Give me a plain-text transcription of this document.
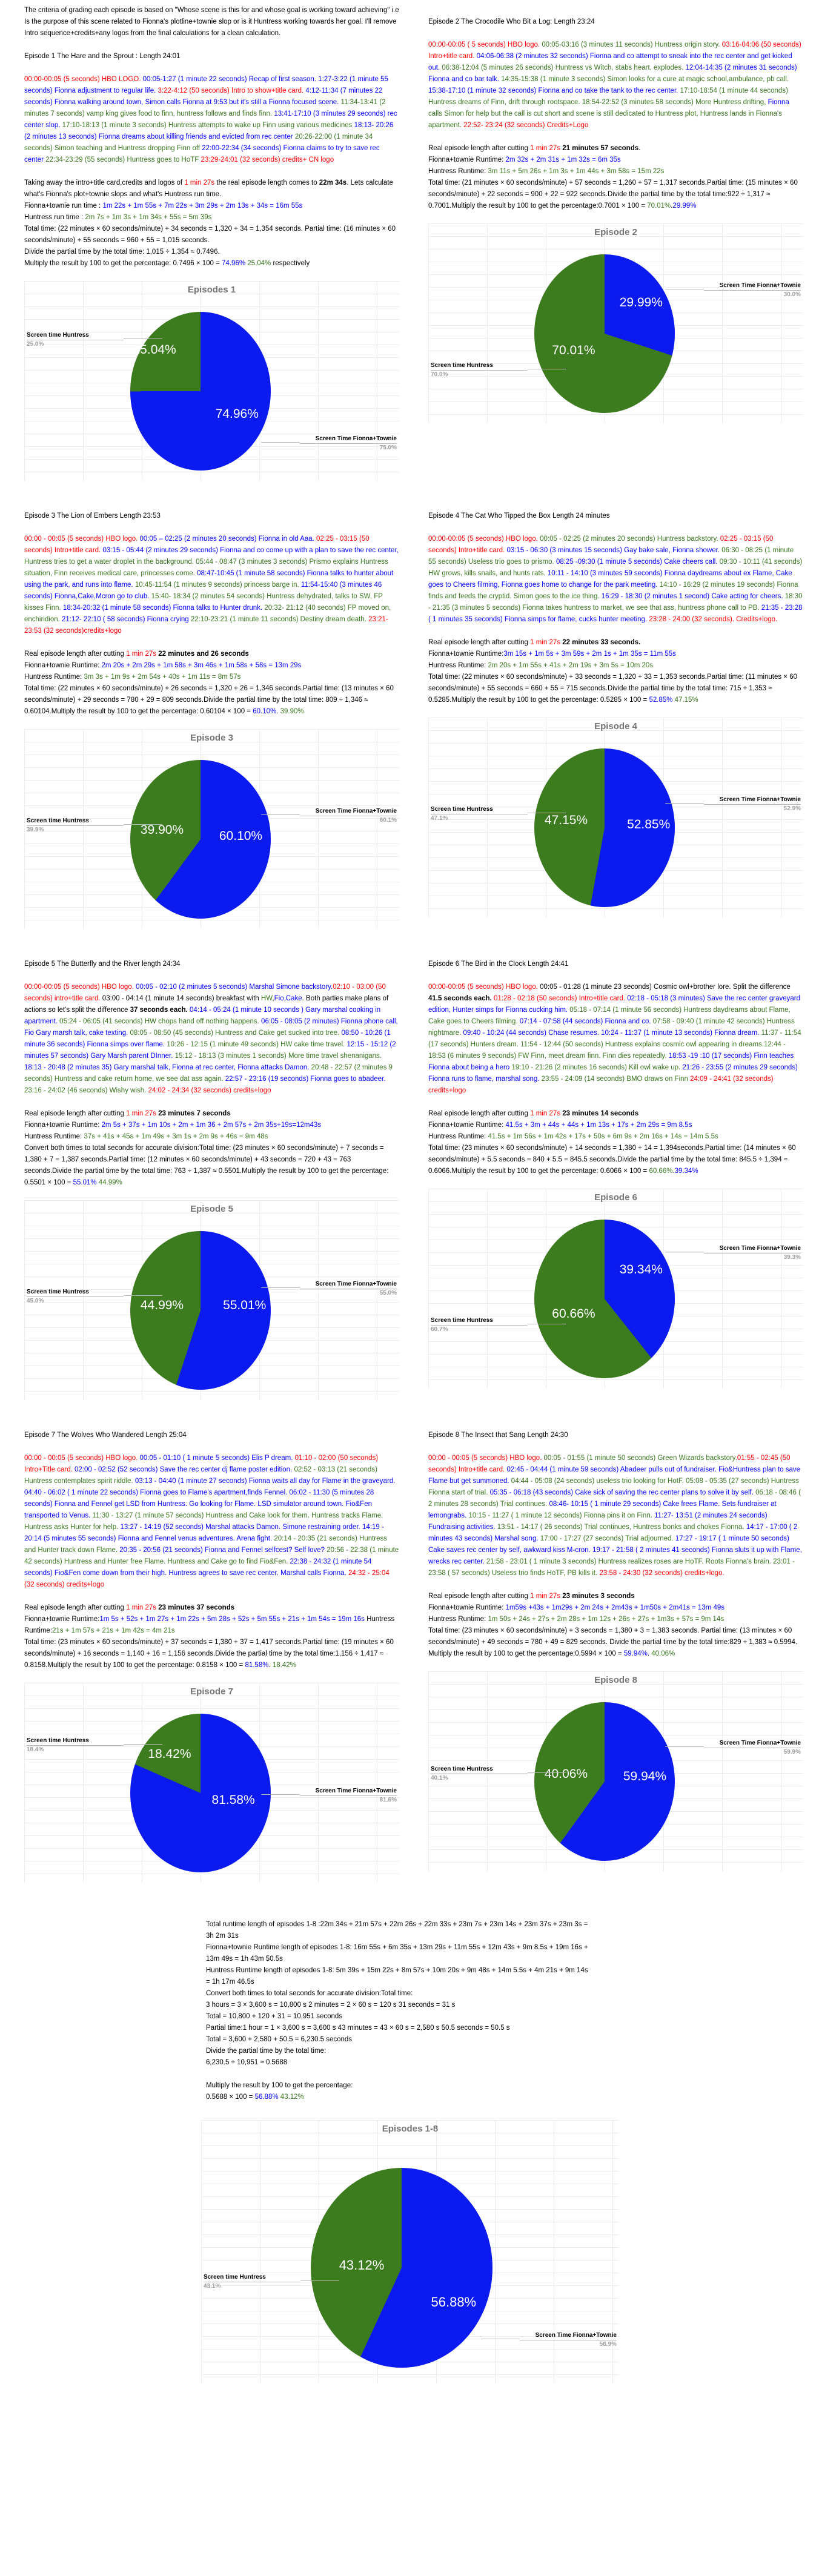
The criteria of grading each episode is based on "Whose scene is this for and whose goal is working toward achieving" i.e Is the purpose of this scene related to Fionna's plotline+townie slop or is it Huntress working towards her goal. I'll remove Intro sequence+credits+any logos from the final calculations for a clean calculation.

Episode 1 The Hare and the Sprout : Length 24:01

00:00-00:05 (5 seconds) HBO LOGO. 00:05-1:27 (1 minute 22 seconds) Recap of first season. 1:27-3:22 (1 minute 55 seconds) Fionna adjustment to regular life. 3:22-4:12 (50 seconds) Intro to show+title card. 4:12-11:34 (7 minutes 22 seconds) Fionna walking around town, Simon calls Fionna at 9:53 but it's still a Fionna focused scene. 11:34-13:41 (2 minutes 7 seconds) vamp king gives food to finn, huntress follows and finds finn. 13:41-17:10 (3 minutes 29 seconds) rec center slop. 17:10-18:13 (1 minute 3 seconds) Huntress attempts to wake up Finn using various medicines 18:13- 20:26 (2 minutes 13 seconds) Fionna dreams about killing friends and evicted from rec center 20:26-22:00 (1 minute 34 seconds) Simon teaching and Huntress dropping Finn off 22:00-22:34 (34 seconds) Fionna claims to try to save rec center 22:34-23:29 (55 seconds) Huntress goes to HoTF 23:29-24:01 (32 seconds) credits+ CN logo

Taking away the intro+title card,credits and logos of 1 min 27s the real episode length comes to 22m 34s. Lets calculate what's Fionna's plot+townie slops and what's Huntress run time.
Fionna+townie run time : 1m 22s + 1m 55s + 7m 22s + 3m 29s + 2m 13s + 34s = 16m 55s
Huntress run time : 2m 7s + 1m 3s + 1m 34s + 55s = 5m 39s
Total time: (22 minutes × 60 seconds/minute) + 34 seconds = 1,320 + 34 = 1,354 seconds. Partial time: (16 minutes × 60 seconds/minute) + 55 seconds = 960 + 55 = 1,015 seconds.
Divide the partial time by the total time: 1,015 ÷ 1,354 ≈ 0.7496.
Multiply the result by 100 to get the percentage: 0.7496 × 100 = 74.96% 25.04% respectively
Episodes 1
25.04%
74.96%
Screen time Huntress
25.0%
Screen Time Fionna+Townie
75.0%

Episode 2 The Crocodile Who Bit a Log: Length 23:24

00:00-00:05 ( 5 seconds) HBO logo. 00:05-03:16 (3 minutes 11 seconds) Huntress origin story. 03:16-04:06 (50 seconds) Intro+title card. 04:06-06:38 (2 minutes 32 seconds) Fionna and co attempt to sneak into the rec center and get kicked out. 06:38-12:04 (5 minutes 26 seconds) Huntress vs Witch, stabs heart, explodes. 12:04-14:35 (2 minutes 31 seconds) Fionna and co bar talk. 14:35-15:38 (1 minute 3 seconds) Simon looks for a cure at magic school,ambulance, pb call. 15:38-17:10 (1 minute 32 seconds) Fionna and co take the tank to the rec center. 17:10-18:54 (1 minute 44 seconds) Huntress dreams of Finn, drift through rootspace. 18:54-22:52 (3 minutes 58 seconds) More Huntress drifting, Fionna calls Simon for help but the call is cut short and scene is still dedicated to Huntress plot, Huntress lands in Fionna's apartment. 22:52- 23:24 (32 seconds) Credits+Logo

Real episode length after cutting 1 min 27s 21 minutes 57 seconds.
Fionna+townie Runtime: 2m 32s + 2m 31s + 1m 32s = 6m 35s
Huntress Runtime: 3m 11s + 5m 26s + 1m 3s + 1m 44s + 3m 58s = 15m 22s
Total time: (21 minutes × 60 seconds/minute) + 57 seconds = 1,260 + 57 = 1,317 seconds.Partial time: (15 minutes × 60 seconds/minute) + 22 seconds = 900 + 22 = 922 seconds.Divide the partial time by the total time:922 ÷ 1,317 ≈ 0.7001.Multiply the result by 100 to get the percentage:0.7001 × 100 = 70.01%.29.99%
Episode 2
29.99%
70.01%
Screen Time Fionna+Townie
30.0%
Screen time Huntress
70.0%

Episode 3 The Lion of Embers Length 23:53

00:00 - 00:05 (5 seconds) HBO logo. 00:05 – 02:25 (2 minutes 20 seconds) Fionna in old Aaa. 02:25 - 03:15 (50 seconds) Intro+title card. 03:15 - 05:44 (2 minutes 29 seconds) Fionna and co come up with a plan to save the rec center, Huntress tries to get a water droplet in the background. 05:44 - 08:47 (3 minutes 3 seconds) Prismo explains Huntress situation, Finn receives medical care, princesses come. 08:47-10:45 (1 minute 58 seconds) Fionna talks to hunter about using the park, and runs into flame. 10:45-11:54 (1 minutes 9 seconds) princess barge in. 11:54-15:40 (3 minutes 46 seconds) Fionna,Cake,Mcron go to club. 15:40- 18:34 (2 minutes 54 seconds) Huntress dehydrated, talks to SW, FP kisses Finn. 18:34-20:32 (1 minute 58 seconds) Fionna talks to Hunter drunk. 20:32- 21:12 (40 seconds) FP moved on, enchiridion. 21:12- 22:10 ( 58 seconds) Fionna crying 22:10-23:21 (1 minute 11 seconds) Destiny dream death. 23:21-23:53 (32 seconds)credits+logo

Real episode length after cutting 1 min 27s 22 minutes and 26 seconds
Fionna+townie Runtime: 2m 20s + 2m 29s + 1m 58s + 3m 46s + 1m 58s + 58s = 13m 29s
Huntress Runtime: 3m 3s + 1m 9s + 2m 54s + 40s + 1m 11s = 8m 57s
Total time: (22 minutes × 60 seconds/minute) + 26 seconds = 1,320 + 26 = 1,346 seconds.Partial time: (13 minutes × 60 seconds/minute) + 29 seconds = 780 + 29 = 809 seconds.Divide the partial time by the total time: 809 ÷ 1,346 ≈ 0.60104.Multiply the result by 100 to get the percentage: 0.60104 × 100 = 60.10%. 39.90%
Episode 3
39.90%	60.10%
Screen time Huntress
39.9%
Screen Time Fionna+Townie
60.1%

Episode 4 The Cat Who Tipped the Box Length 24 minutes

00:00-00:05 (5 seconds) HBO logo. 00:05 - 02:25 (2 minutes 20 seconds) Huntress backstory. 02:25 - 03:15 (50 seconds) Intro+title card. 03:15 - 06:30 (3 minutes 15 seconds) Gay bake sale, Fionna shower. 06:30 - 08:25 (1 minute 55 seconds) Useless trio goes to prismo. 08:25 -09:30 (1 minute 5 seconds) Cake cheers call. 09:30 - 10:11 (41 seconds) HW grows, kills snails, and hunts rats. 10:11 - 14:10 (3 minutes 59 seconds) Fionna daydreams about ex Flame, Cake goes to Cheers filming, Fionna goes home to change for the park meeting. 14:10 - 16:29 (2 minutes 19 seconds) Fionna finds and feeds the cryptid. Simon goes to the ice thing. 16:29 - 18:30 (2 minutes 1 second) Cake acting for cheers. 18:30 - 21:35 (3 minutes 5 seconds) Fionna takes huntress to market, we see that ass, huntress phone call to PB. 21:35 - 23:28 ( 1 minutes 35 seconds) Fionna simps for flame, cucks hunter meeting. 23:28 - 24:00 (32 seconds). Credits+logo.

Real episode length after cutting 1 min 27s 22 minutes 33 seconds.
Fionna+townie Runtime:3m 15s + 1m 5s + 3m 59s + 2m 1s + 1m 35s = 11m 55s
Huntress Runtime: 2m 20s + 1m 55s + 41s + 2m 19s + 3m 5s = 10m 20s
Total time: (22 minutes × 60 seconds/minute) + 33 seconds = 1,320 + 33 = 1,353 seconds.Partial time: (11 minutes × 60 seconds/minute) + 55 seconds = 660 + 55 = 715 seconds.Divide the partial time by the total time: 715 ÷ 1,353 ≈ 0.5285.Multiply the result by 100 to get the percentage: 0.5285 × 100 = 52.85% 47.15%
Episode 4
47.15%	52.85%
Screen time Huntress
47.1%
Screen Time Fionna+Townie
52.9%

Episode 5 The Butterfly and the River length 24:34

00:00-00:05 (5 seconds) HBO logo. 00:05 - 02:10 (2 minutes 5 seconds) Marshal Simone backstory.02:10 - 03:00 (50 seconds) intro+title card. 03:00 - 04:14 (1 minute 14 seconds) breakfast with HW,Fio,Cake. Both parties make plans of actions so let's split the difference 37 seconds each. 04:14 - 05:24 (1 minute 10 seconds ) Gary marshal cooking in apartment. 05:24 - 06:05 (41 seconds) HW chops hand off nothing happens. 06:05 - 08:05 (2 minutes) Fionna phone call, Fio Gary marsh talk, cake texting. 08:05 - 08:50 (45 seconds) Huntress and Cake get sucked into tree. 08:50 - 10:26 (1 minute 36 seconds) Fionna simps over flame. 10:26 - 12:15 (1 minute 49 seconds) HW cake time travel. 12:15 - 15:12 (2 minutes 57 seconds) Gary Marsh parent DInner. 15:12 - 18:13 (3 minutes 1 seconds) More time travel shenanigans. 18:13 - 20:48 (2 minutes 35) Gary marshal talk, Fionna at rec center, Fionna attacks Damon. 20:48 - 22:57 (2 minutes 9 seconds) Huntress and cake return home, we see dat ass again. 22:57 - 23:16 (19 seconds) Fionna goes to abadeer. 23:16 - 24:02 (46 seconds) Wishy wish. 24:02 - 24:34 (32 seconds) credits+logo

Real episode length after cutting 1 min 27s 23 minutes 7 seconds
Fionna+townie Runtime: 2m 5s + 37s + 1m 10s + 2m + 1m 36 + 2m 57s + 2m 35s+19s=12m43s
Huntress Runtime: 37s + 41s + 45s + 1m 49s + 3m 1s + 2m 9s + 46s = 9m 48s
Convert both times to total seconds for accurate division:Total time: (23 minutes × 60 seconds/minute) + 7 seconds = 1,380 + 7 = 1,387 seconds.Partial time: (12 minutes × 60 seconds/minute) + 43 seconds = 720 + 43 = 763 seconds.Divide the partial time by the total time: 763 ÷ 1,387 ≈ 0.5501.Multiply the result by 100 to get the percentage: 0.5501 × 100 = 55.01% 44.99%
Episode 5
44.99%	55.01%
Screen time Huntress
45.0%
Screen Time Fionna+Townie
55.0%

Episode 6 The Bird in the Clock Length 24:41

00:00-00:05 (5 seconds) HBO logo. 00:05 - 01:28 (1 minute 23 seconds) Cosmic owl+brother lore. Split the difference 41.5 seconds each. 01:28 - 02:18 (50 seconds) Intro+title card. 02:18 - 05:18 (3 minutes) Save the rec center graveyard edition, Hunter simps for Fionna cucking him. 05:18 - 07:14 (1 minute 56 seconds) Huntress daydreams about Flame, Cake goes to Cheers filming. 07:14 - 07:58 (44 seconds) Fionna and co. 07:58 - 09:40 (1 minute 42 seconds) Huntress nightmare. 09:40 - 10:24 (44 seconds) Chase resumes. 10:24 - 11:37 (1 minute 13 seconds) Fionna dream. 11:37 - 11:54 (17 seconds) Hunters dream. 11:54 - 12:44 (50 seconds) Huntress explains cosmic owl appearing in dreams.12:44 - 18:53 (6 minutes 9 seconds) FW Finn, meet dream finn. Finn dies repeatedly. 18:53 -19 :10 (17 seconds) Finn teaches Fionna about being a hero 19:10 - 21:26 (2 minutes 16 seconds) Kill owl wake up. 21:26 - 23:55 (2 minutes 29 seconds) Fionna runs to flame, marshal song. 23:55 - 24:09 (14 seconds) BMO draws on Finn 24:09 - 24:41 (32 seconds) credits+logo

Real episode length after cutting 1 min 27s 23 minutes 14 seconds
Fionna+townie Runtime: 41.5s + 3m + 44s + 44s + 1m 13s + 17s + 2m 29s = 9m 8.5s
Huntress Runtime: 41.5s + 1m 56s + 1m 42s + 17s + 50s + 6m 9s + 2m 16s + 14s = 14m 5.5s
Total time: (23 minutes × 60 seconds/minute) + 14 seconds = 1,380 + 14 = 1,394seconds.Partial time: (14 minutes × 60 seconds/minute) + 5.5 seconds = 840 + 5.5 = 845.5 seconds.Divide the partial time by the total time: 845.5 ÷ 1,394 ≈ 0.6066.Multiply the result by 100 to get the percentage: 0.6066 × 100 = 60.66%.39.34%
Episode 6
39.34%
60.66%
Screen Time Fionna+Townie
39.3%
Screen time Huntress
60.7%

Episode 7 The Wolves Who Wandered Length 25:04

00:00 - 00:05 (5 seconds) HBO logo. 00:05 - 01:10 ( 1 minute 5 seconds) Elis P dream. 01:10 - 02:00 (50 seconds) Intro+Title card. 02:00 - 02:52 (52 seconds) Save the rec center dj flame poster edition. 02:52 - 03:13 (21 seconds) Huntress contemplates spirit riddle. 03:13 - 04:40 (1 minute 27 seconds) Fionna waits all day for Flame in the graveyard. 04:40 - 06:02 ( 1 minute 22 seconds) Fionna goes to Flame's apartment,finds Fennel. 06:02 - 11:30 (5 minutes 28 seconds) Fionna and Fennel get LSD from Huntress. Go looking for Flame. LSD simulator around town. Fio&Fen transported to Venus. 11:30 - 13:27 (1 minute 57 seconds) Huntress and Cake look for them. Huntress tracks Flame. Huntress asks Hunter for help. 13:27 - 14:19 (52 seconds) Marshal attacks Damon. Simone restraining order. 14:19 - 20:14 (5 minutes 55 seconds) Fionna and Fennel venus adventures. Arena fight. 20:14 - 20:35 (21 seconds) Huntress and Hunter track down Flame. 20:35 - 20:56 (21 seconds) Fionna and Fennel selfcest? Self love? 20:56 - 22:38 (1 minute 42 seconds) Huntress and Hunter free Flame. Huntress and Cake go to find Fio&Fen. 22:38 - 24:32 (1 minute 54 seconds) Fio&Fen come down from their high. Huntress agrees to save rec center. Marshal calls Fionna. 24:32 - 25:04 (32 seconds) credits+logo

Real episode length after cutting 1 min 27s 23 minutes 37 seconds
Fionna+townie Runtime:1m 5s + 52s + 1m 27s + 1m 22s + 5m 28s + 52s + 5m 55s + 21s + 1m 54s = 19m 16s Huntress Runtime:21s + 1m 57s + 21s + 1m 42s = 4m 21s
Total time: (23 minutes × 60 seconds/minute) + 37 seconds = 1,380 + 37 = 1,417 seconds.Partial time: (19 minutes × 60 seconds/minute) + 16 seconds = 1,140 + 16 = 1,156 seconds.Divide the partial time by the total time:1,156 ÷ 1,417 ≈ 0.8158.Multiply the result by 100 to get the percentage: 0.8158 × 100 = 81.58%. 18.42%
Episode 7
18.42%
81.58%
Screen time Huntress
18.4%
Screen Time Fionna+Townie
81.6%

Episode 8 The Insect that Sang Length 24:30

00:00 - 00:05 (5 seconds) HBO logo. 00:05 - 01:55 (1 minute 50 seconds) Green Wizards backstory.01:55 - 02:45 (50 seconds) Intro+title card. 02:45 - 04:44 (1 minute 59 seconds) Abadeer pulls out of fundraiser. Fio&Huntress plan to save Flame but get summoned. 04:44 - 05:08 (24 seconds) useless trio looking for HotF. 05:08 - 05:35 (27 seconds) Huntress Fionna start of trial. 05:35 - 06:18 (43 seconds) Cake sick of saving the rec center plans to solve it by self. 06:18 - 08:46 ( 2 minutes 28 seconds) Trial continues. 08:46- 10:15 ( 1 minute 29 seconds) Cake frees Flame. Sets fundraiser at lemongrabs. 10:15 - 11:27 ( 1 minute 12 seconds) Fionna pins it on Finn. 11:27- 13:51 (2 minutes 24 seconds) Fundraising activities. 13:51 - 14:17 ( 26 seconds) Trial continues, Huntress bonks and chokes Fionna. 14:17 - 17:00 ( 2 minutes 43 seconds) Marshal song. 17:00 - 17:27 (27 seconds) Trial adjourned. 17:27 - 19:17 ( 1 minute 50 seconds) Cake saves rec center by self, awkward kiss M-cron. 19:17 - 21:58 ( 2 minutes 41 seconds) Fionna sluts it up with Flame, wrecks rec center. 21:58 - 23:01 ( 1 minute 3 seconds) Huntress realizes roses are HoTF. Roots Fionna's brain. 23:01 - 23:58 ( 57 seconds) Useless trio finds HoTF, PB kills it. 23:58 - 24:30 (32 seconds) credits+logo.

Real episode length after cutting 1 min 27s 23 minutes 3 seconds
Fionna+townie Runtime: 1m59s +43s + 1m29s + 2m 24s + 2m43s + 1m50s + 2m41s = 13m 49s
Huntress Runtime: 1m 50s + 24s + 27s + 2m 28s + 1m 12s + 26s + 27s + 1m3s + 57s = 9m 14s
Total time: (23 minutes × 60 seconds/minute) + 3 seconds = 1,380 + 3 = 1,383 seconds. Partial time: (13 minutes × 60 seconds/minute) + 49 seconds = 780 + 49 = 829 seconds. Divide the partial time by the total time:829 ÷ 1,383 ≈ 0.5994. Multiply the result by 100 to get the percentage:0.5994 × 100 = 59.94%. 40.06%
Episode 8
40.06%	59.94%
Screen Time Fionna+Townie
59.9%
Screen time Huntress
40.1%
Total runtime length of episodes 1-8 :22m 34s + 21m 57s + 22m 26s + 22m 33s + 23m 7s + 23m 14s + 23m 37s + 23m 3s = 3h 2m 31s
Fionna+townie Runtime length of episodes 1-8: 16m 55s + 6m 35s + 13m 29s + 11m 55s + 12m 43s + 9m 8.5s + 19m 16s + 13m 49s = 1h 43m 50.5s
Huntress Runtime length of episodes 1-8: 5m 39s + 15m 22s + 8m 57s + 10m 20s + 9m 48s + 14m 5.5s + 4m 21s + 9m 14s = 1h 17m 46.5s
Convert both times to total seconds for accurate division:Total time:
3 hours = 3 × 3,600 s = 10,800 s 2 minutes = 2 × 60 s = 120 s 31 seconds = 31 s
Total = 10,800 + 120 + 31 = 10,951 seconds
Partial time:1 hour = 1 × 3,600 s = 3,600 s 43 minutes = 43 × 60 s = 2,580 s 50.5 seconds = 50.5 s
Total = 3,600 + 2,580 + 50.5 = 6,230.5 seconds
Divide the partial time by the total time:
6,230.5 ÷ 10,951 ≈ 0.5688
Multiply the result by 100 to get the percentage:
0.5688 × 100 = 56.88% 43.12%
Episodes 1-8
43.12%
56.88%
Screen time Huntress
43.1%
Screen Time Fionna+Townie
56.9%
